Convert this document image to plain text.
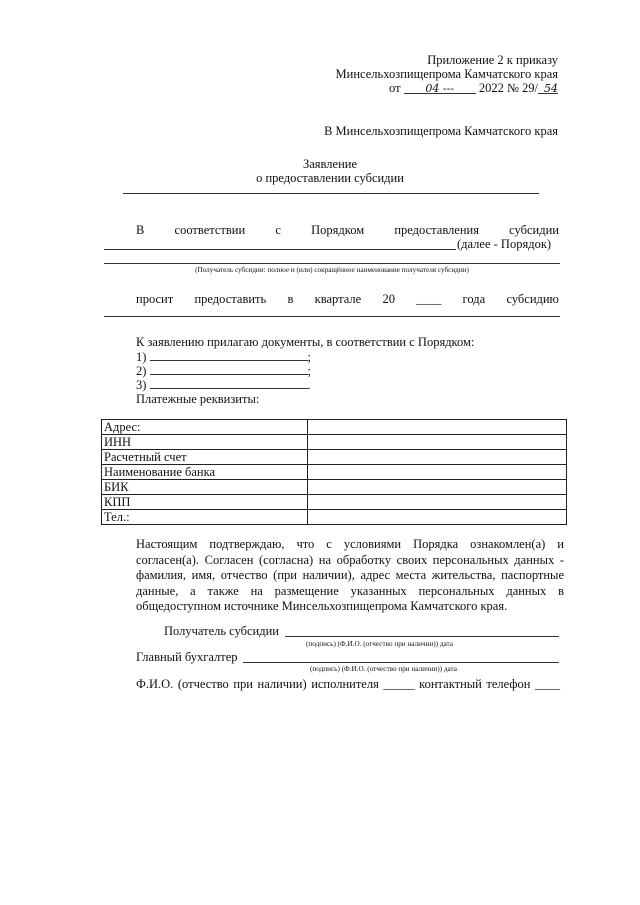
Приложение 2 к приказу
Минсельхозпищепрома Камчатского края
от 04 --- 2022 № 29/ 54
В Минсельхозпищепрома Камчатского края
Заявление
о предоставлении субсидии
В соответствии с Порядком предоставления субсидии
(далее - Порядок)
(Получатель субсидии: полное и (или) сокращённое наименование получателя субсидии)
просит предоставить в квартале 20 ____ года субсидию
К заявлению прилагаю документы, в соответствии с Порядком:
1)	;
2)	;
3)	.
Платежные реквизиты:
Адрес:	
ИНН	
Расчетный счет	
Наименование банка	
БИК	
КПП	
Тел.:	
Настоящим подтверждаю, что с условиями Порядка ознакомлен(а) и согласен(а). Согласен (согласна) на обработку своих персональных данных - фамилия, имя, отчество (при наличии), адрес места жительства, паспортные данные, а также на размещение указанных персональных данных в общедоступном источнике Минсельхозпищепрома Камчатского края.
Получатель субсидии
(подпись) (Ф.И.О. (отчество при наличии)) дата
Главный бухгалтер
(подпись) (Ф.И.О. (отчество при наличии)) дата
Ф.И.О. (отчество при наличии) исполнителя _____ контактный телефон ____
